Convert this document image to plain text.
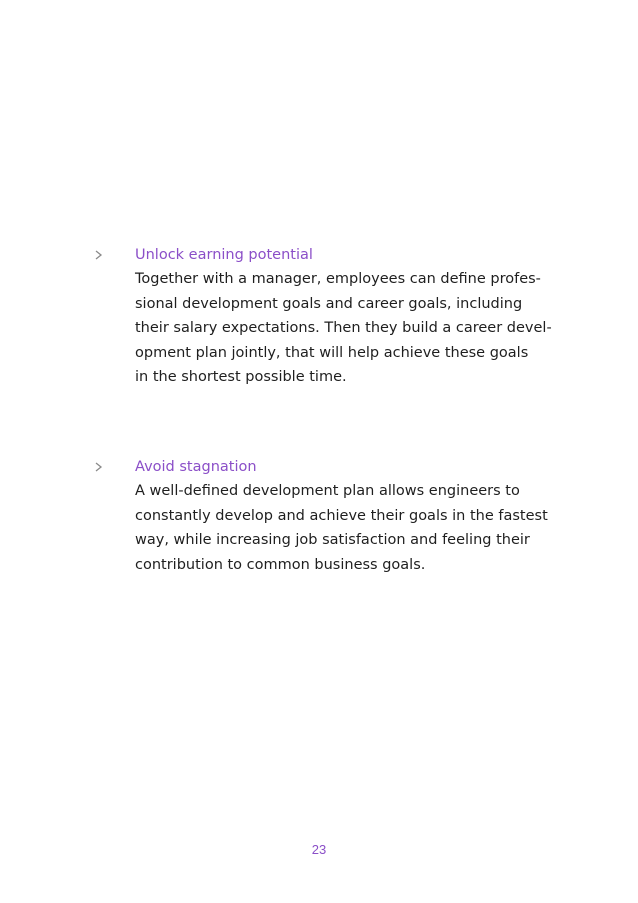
Unlock earning potential
Together with a manager, employees can define profes-
sional development goals and career goals, including
their salary expectations. Then they build a career devel-
opment plan jointly, that will help achieve these goals
in the shortest possible time.
Avoid stagnation
A well-defined development plan allows engineers to
constantly develop and achieve their goals in the fastest
way, while increasing job satisfaction and feeling their
contribution to common business goals.
23
